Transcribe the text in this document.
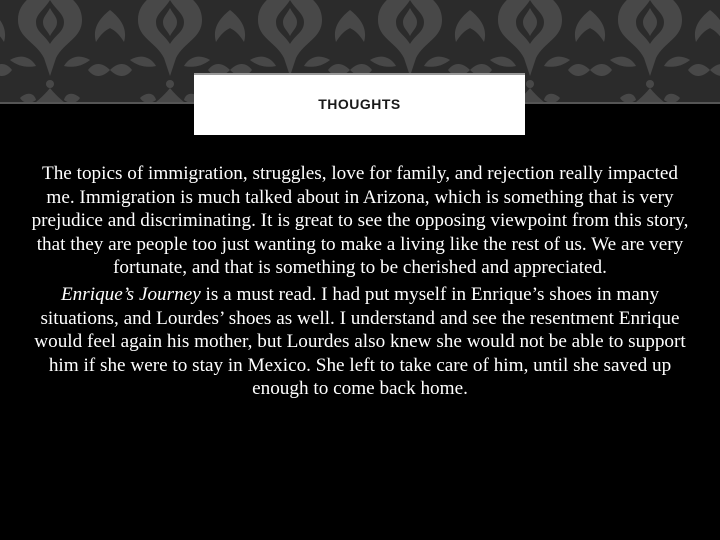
THOUGHTS

The topics of immigration, struggles, love for family, and rejection really impacted me. Immigration is much talked about in Arizona, which is something that is very prejudice and discriminating. It is great to see the opposing viewpoint from this story, that they are people too just wanting to make a living like the rest of us. We are very fortunate, and that is something to be cherished and appreciated.

Enrique’s Journey is a must read. I had put myself in Enrique’s shoes in many situations, and Lourdes’ shoes as well. I understand and see the resentment Enrique would feel again his mother, but Lourdes also knew she would not be able to support him if she were to stay in Mexico. She left to take care of him, until she saved up enough to come back home.
